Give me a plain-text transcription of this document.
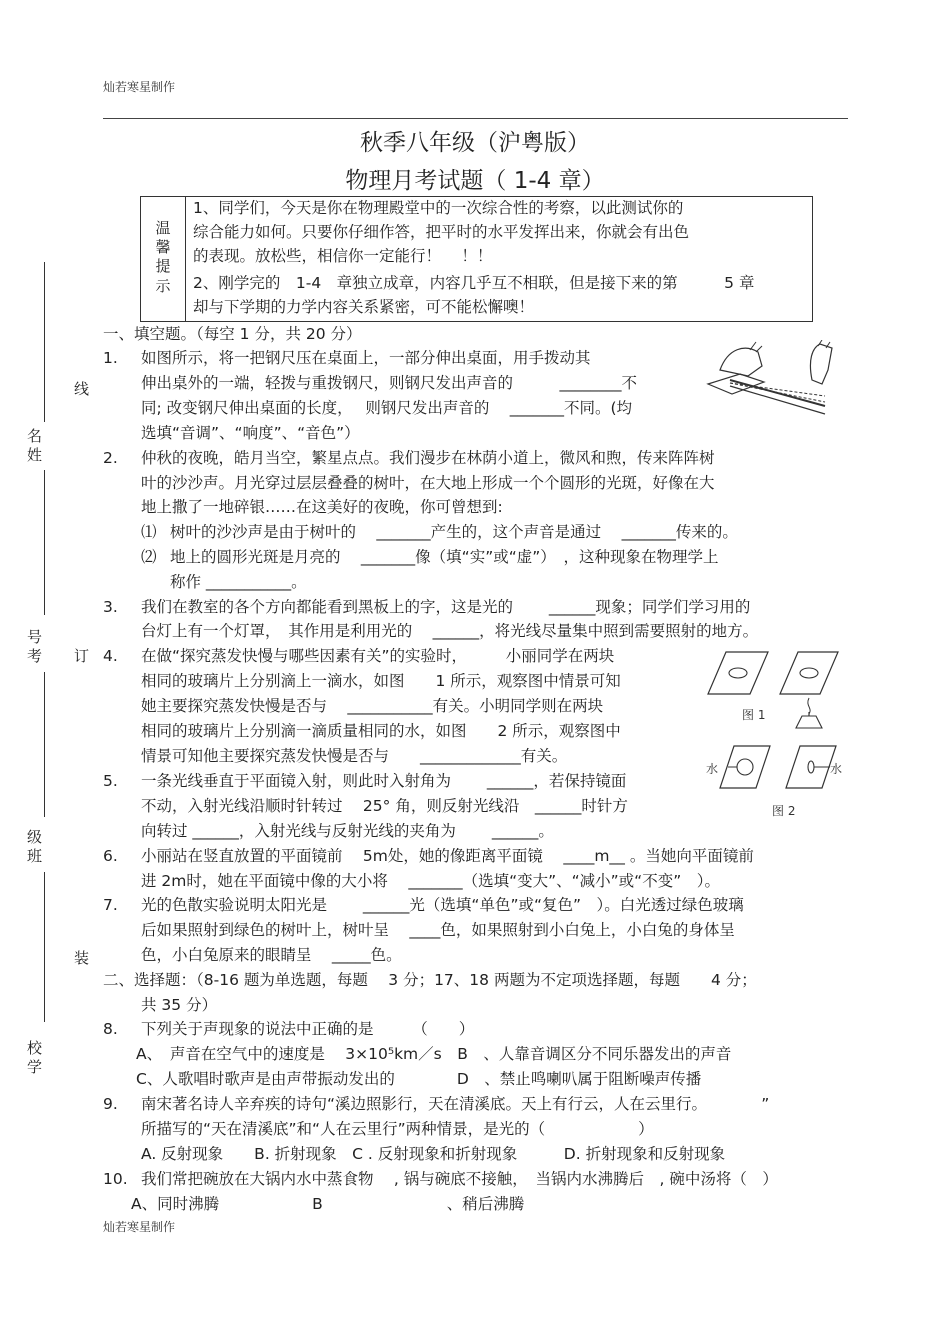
灿若寒星制作
秋季八年级（沪粤版）
物理月考试题（ 1-4 章）
温
馨
提
示
1、同学们，今天是你在物理殿堂中的一次综合性的考察，以此测试你的
综合能力如何。只要你仔细作答，把平时的水平发挥出来，你就会有出色
的表现。放松些，相信你一定能行！　 ！！
2、刚学完的　1-4　章独立成章，内容几乎互不相联，但是接下来的第　　　5 章
却与下学期的力学内容关系紧密，可不能松懈噢！
线
订
装
名
姓
号
考
级
班
校
学
一、填空题。（每空 1 分，共 20 分）
1. 如图所示，将一把钢尺压在桌面上，一部分伸出桌面，用手拨动其
伸出桌外的一端，轻拨与重拨钢尺，则钢尺发出声音的　　　________不
同; 改变钢尺伸出桌面的长度，　 则钢尺发出声音的　 _______不同。(均
选填“音调”、“响度”、“音色”）
2. 仲秋的夜晚，皓月当空，繁星点点。我们漫步在林荫小道上，微风和煦，传来阵阵树
叶的沙沙声。月光穿过层层叠叠的树叶，在大地上形成一个个圆形的光斑，好像在大
地上撒了一地碎银……在这美好的夜晚，你可曾想到:
⑴ 树叶的沙沙声是由于树叶的　 _______产生的，这个声音是通过　 _______传来的。
⑵ 地上的圆形光斑是月亮的　 _______像（填“实”或“虚”）　，这种现象在物理学上
称作 ___________。
3. 我们在教室的各个方向都能看到黑板上的字，这是光的　　 ______现象；同学们学习用的
台灯上有一个灯罩，　其作用是利用光的　 ______，将光线尽量集中照到需要照射的地方。
4. 在做“探究蒸发快慢与哪些因素有关”的实验时，　　　小丽同学在两块
相同的玻璃片上分别滴上一滴水，如图　　1 所示，观察图中情景可知
她主要探究蒸发快慢是否与　 ___________有关。小明同学则在两块
相同的玻璃片上分别滴一滴质量相同的水，如图　　2 所示，观察图中
情景可知他主要探究蒸发快慢是否与　　_____________有关。
图 1
水	水
图 2
5. 一条光线垂直于平面镜入射，则此时入射角为　　 ______，若保持镜面
不动，入射光线沿顺时针转过　 25° 角，则反射光线沿　______时针方
向转过 ______，入射光线与反射光线的夹角为　　 ______。
6. 小丽站在竖直放置的平面镜前　 5m处，她的像距离平面镜　 ____m__ 。当她向平面镜前
进 2m时，她在平面镜中像的大小将　 _______（选填“变大”、“减小”或“不变”　）。
7. 光的色散实验说明太阳光是　　 ______光（选填“单色”或“复色”　）。白光透过绿色玻璃
后如果照射到绿色的树叶上，树叶呈　 ____色，如果照射到小白兔上，小白兔的身体呈
色，小白兔原来的眼睛呈　 _____色。
二、选择题：（8-16 题为单选题，每题　 3 分；17、18 两题为不定项选择题，每题　　4 分；
共 35 分）
8. 下列关于声现象的说法中正确的是　　　（　　）
A、　声音在空气中的速度是　 3×10⁵km／s　B　、人靠音调区分不同乐器发出的声音
C、人歌唱时歌声是由声带振动发出的　　　　D　、禁止鸣喇叭属于阻断噪声传播
9. 南宋著名诗人辛弃疾的诗句“溪边照影行，天在清溪底。天上有行云，人在云里行。　　　　”
所描写的“天在清溪底”和“人在云里行”两种情景，是光的（　　　　　　）
A. 反射现象　　B. 折射现象　C . 反射现象和折射现象　　　D. 折射现象和反射现象
10. 我们常把碗放在大锅内水中蒸食物　 , 锅与碗底不接触，　当锅内水沸腾后　, 碗中汤将（　）
A、同时沸腾　　　　　　B　　　　　　　　、稍后沸腾
灿若寒星制作
